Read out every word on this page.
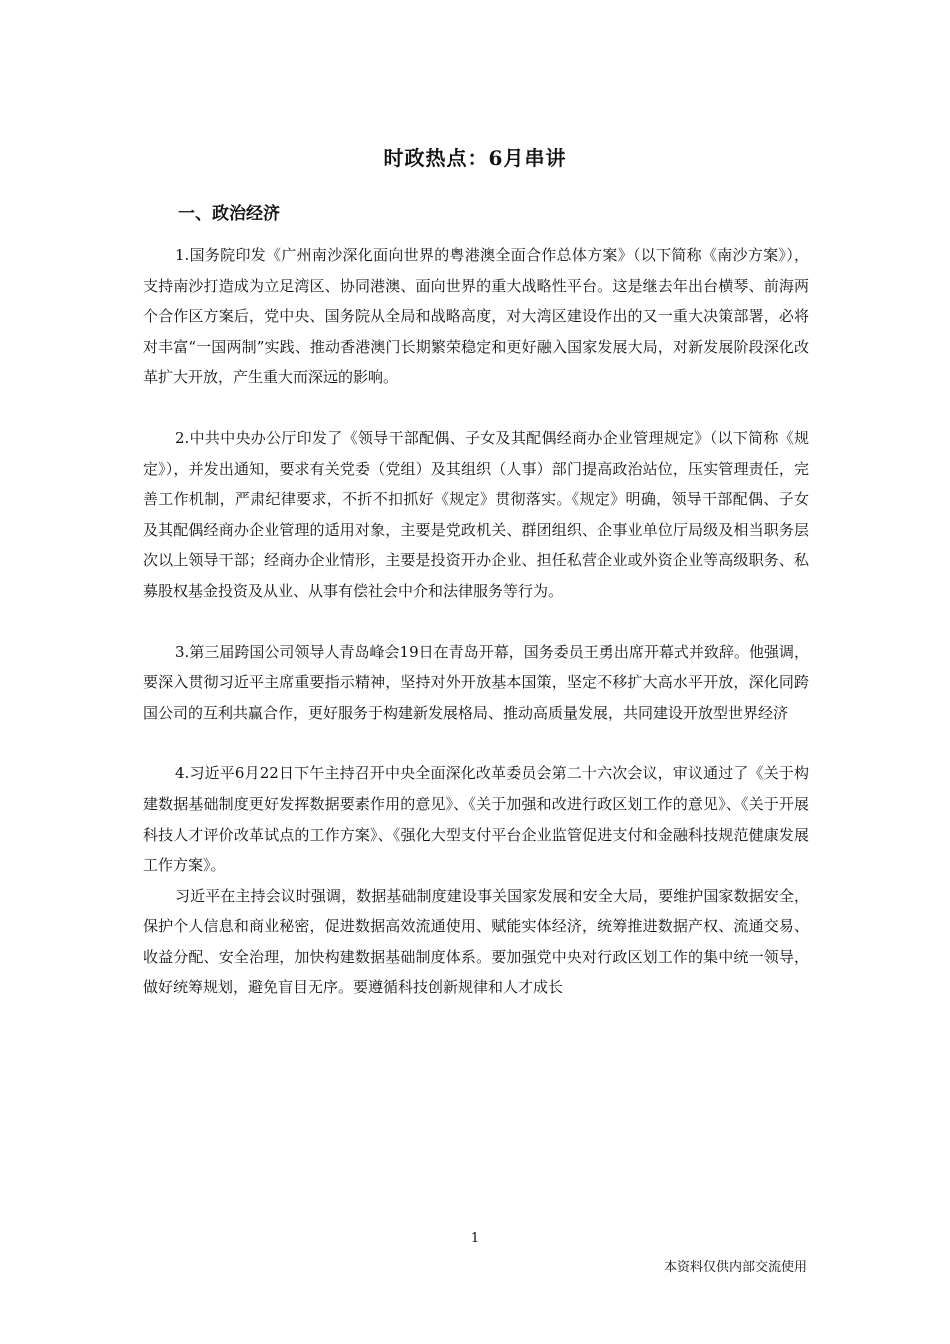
时政热点：6月串讲
一、政治经济

1.国务院印发《广州南沙深化面向世界的粤港澳全面合作总体方案》（以下简称《南沙方案》），支持南沙打造成为立足湾区、协同港澳、面向世界的重大战略性平台。这是继去年出台横琴、前海两个合作区方案后，党中央、国务院从全局和战略高度，对大湾区建设作出的又一重大决策部署，必将对丰富“一国两制”实践、推动香港澳门长期繁荣稳定和更好融入国家发展大局，对新发展阶段深化改革扩大开放，产生重大而深远的影响。

2.中共中央办公厅印发了《领导干部配偶、子女及其配偶经商办企业管理规定》（以下简称《规定》），并发出通知，要求有关党委（党组）及其组织（人事）部门提高政治站位，压实管理责任，完善工作机制，严肃纪律要求，不折不扣抓好《规定》贯彻落实。《规定》明确，领导干部配偶、子女及其配偶经商办企业管理的适用对象，主要是党政机关、群团组织、企事业单位厅局级及相当职务层次以上领导干部；经商办企业情形，主要是投资开办企业、担任私营企业或外资企业等高级职务、私募股权基金投资及从业、从事有偿社会中介和法律服务等行为。

3.第三届跨国公司领导人青岛峰会19日在青岛开幕，国务委员王勇出席开幕式并致辞。他强调，要深入贯彻习近平主席重要指示精神，坚持对外开放基本国策，坚定不移扩大高水平开放，深化同跨国公司的互利共赢合作，更好服务于构建新发展格局、推动高质量发展，共同建设开放型世界经济

4.习近平6月22日下午主持召开中央全面深化改革委员会第二十六次会议，审议通过了《关于构建数据基础制度更好发挥数据要素作用的意见》、《关于加强和改进行政区划工作的意见》、《关于开展科技人才评价改革试点的工作方案》、《强化大型支付平台企业监管促进支付和金融科技规范健康发展工作方案》。

习近平在主持会议时强调，数据基础制度建设事关国家发展和安全大局，要维护国家数据安全，保护个人信息和商业秘密，促进数据高效流通使用、赋能实体经济，统筹推进数据产权、流通交易、收益分配、安全治理，加快构建数据基础制度体系。要加强党中央对行政区划工作的集中统一领导，做好统筹规划，避免盲目无序。要遵循科技创新规律和人才成长

1
本资料仅供内部交流使用
